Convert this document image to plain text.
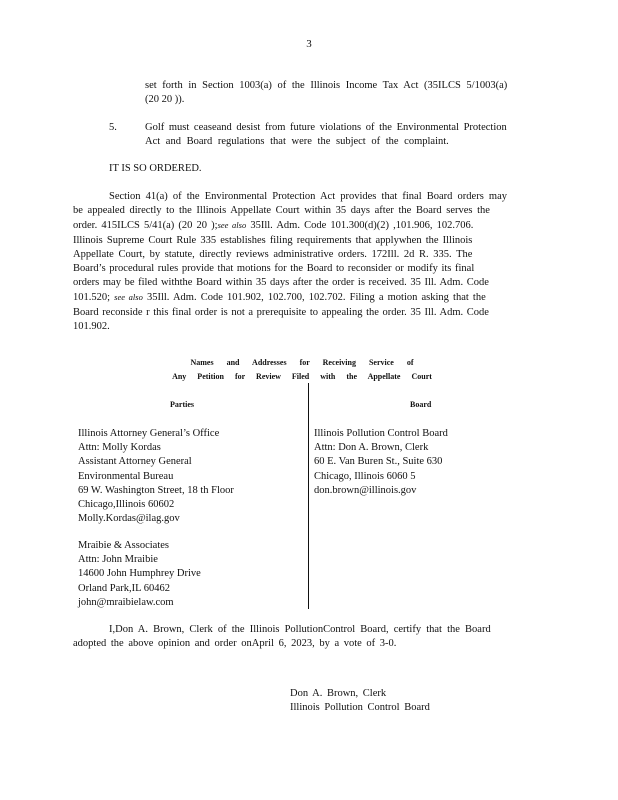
3
set forth in Section 1003(a) of the Illinois Income Tax Act (35ILCS 5/1003(a)
(20 20 )).
5.	Golf must ceaseand desist from future violations of the Environmental Protection
Act and Board regulations that were the subject of the complaint.
IT IS SO ORDERED.
Section 41(a) of the Environmental Protection Act provides that final Board orders may
be appealed directly to the Illinois Appellate Court within 35 days after the Board serves the
order. 415ILCS 5/41(a) (20 20 );see also 35Ill. Adm. Code 101.300(d)(2) ,101.906, 102.706.
Illinois Supreme Court Rule 335 establishes filing requirements that applywhen the Illinois
Appellate Court, by statute, directly reviews administrative orders. 172Ill. 2d R. 335. The
Board’s procedural rules provide that motions for the Board to reconsider or modify its final
orders may be filed withthe Board within 35 days after the order is received. 35 Ill. Adm. Code
101.520; see also 35Ill. Adm. Code 101.902, 102.700, 102.702. Filing a motion asking that the
Board reconside r this final order is not a prerequisite to appealing the order. 35 Ill. Adm. Code
101.902.
Names and Addresses for Receiving Service of
Any Petition for Review Filed with the Appellate Court
Parties	Board
Illinois Attorney General’s Office
Attn: Molly Kordas
Assistant Attorney General
Environmental Bureau
69 W. Washington Street, 18 th Floor
Chicago,Illinois 60602
Molly.Kordas@ilag.gov
Mraibie & Associates
Attn: John Mraibie
14600 John Humphrey Drive
Orland Park,IL 60462
john@mraibielaw.com
Illinois Pollution Control Board
Attn: Don A. Brown, Clerk
60 E. Van Buren St., Suite 630
Chicago, Illinois 6060 5
don.brown@illinois.gov
I,Don A. Brown, Clerk of the Illinois PollutionControl Board, certify that the Board
adopted the above opinion and order onApril 6, 2023, by a vote of 3-0.
Don A. Brown, Clerk
Illinois Pollution Control Board
